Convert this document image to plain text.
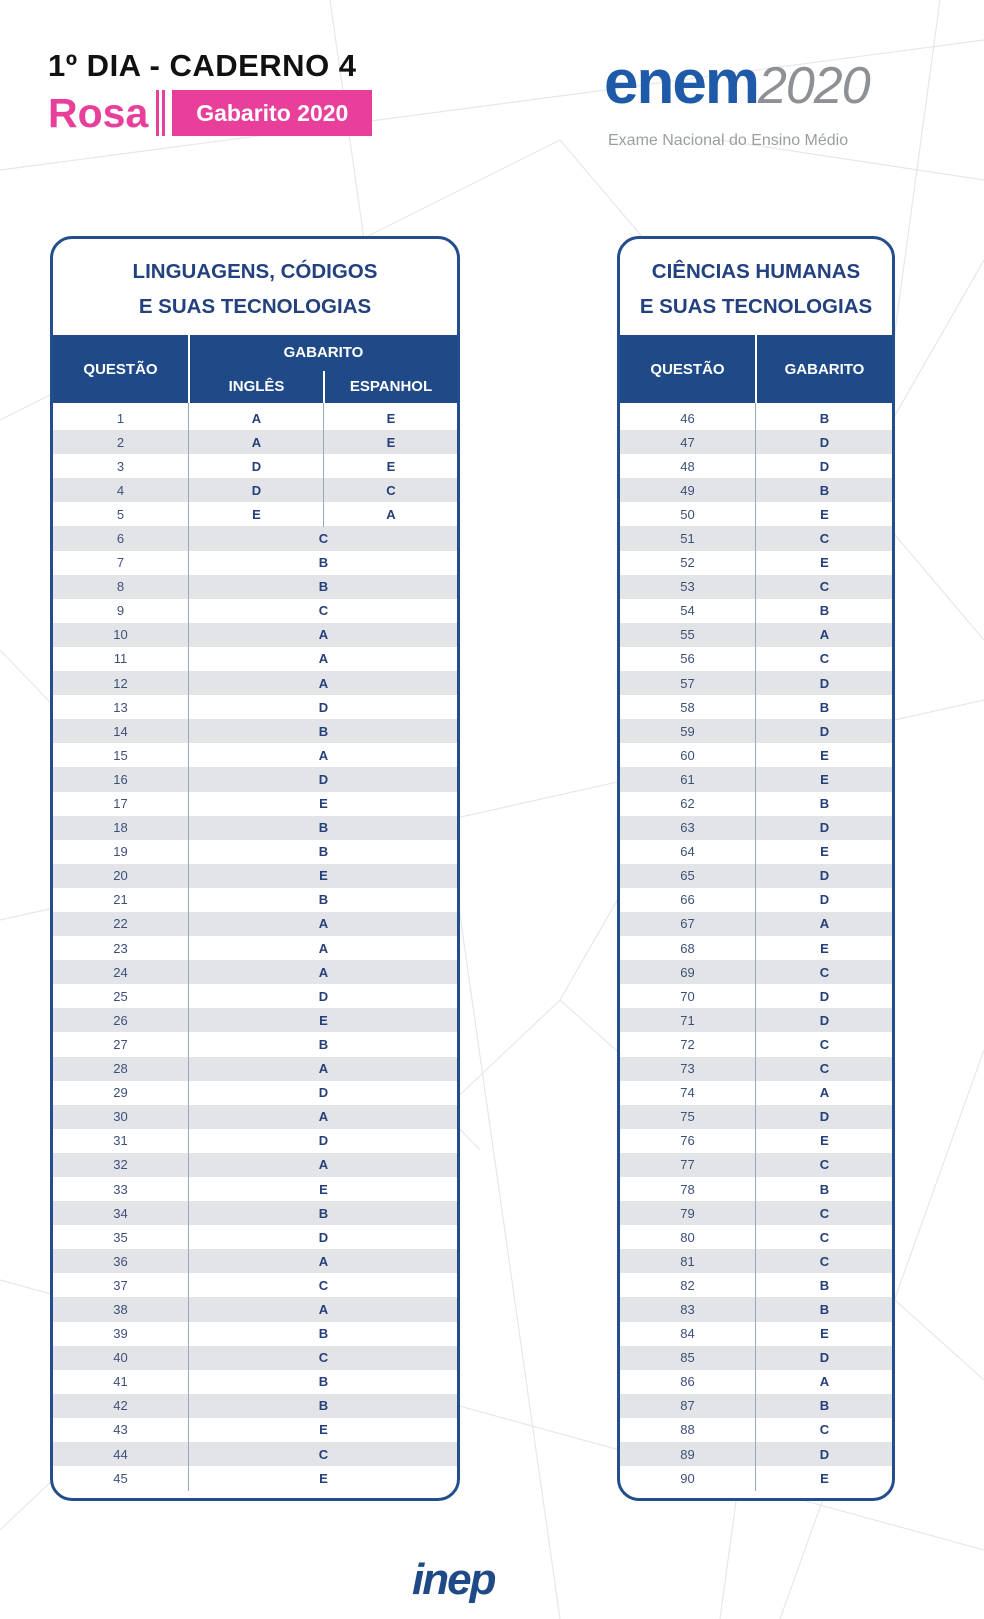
1º DIA - CADERNO 4
Rosa	Gabarito 2020	enem2020
Exame Nacional do Ensino Médio
LINGUAGENS, CÓDIGOS
E SUAS TECNOLOGIAS
QUESTÃO
GABARITO
INGLÊS	ESPANHOL
1	A	E
2	A	E
3	D	E
4	D	C
5	E	A
6	C
7	B
8	B
9	C
10	A
11	A
12	A
13	D
14	B
15	A
16	D
17	E
18	B
19	B
20	E
21	B
22	A
23	A
24	A
25	D
26	E
27	B
28	A
29	D
30	A
31	D
32	A
33	E
34	B
35	D
36	A
37	C
38	A
39	B
40	C
41	B
42	B
43	E
44	C
45	E
CIÊNCIAS HUMANAS
E SUAS TECNOLOGIAS
QUESTÃO	GABARITO
46	B
47	D
48	D
49	B
50	E
51	C
52	E
53	C
54	B
55	A
56	C
57	D
58	B
59	D
60	E
61	E
62	B
63	D
64	E
65	D
66	D
67	A
68	E
69	C
70	D
71	D
72	C
73	C
74	A
75	D
76	E
77	C
78	B
79	C
80	C
81	C
82	B
83	B
84	E
85	D
86	A
87	B
88	C
89	D
90	E
inep
